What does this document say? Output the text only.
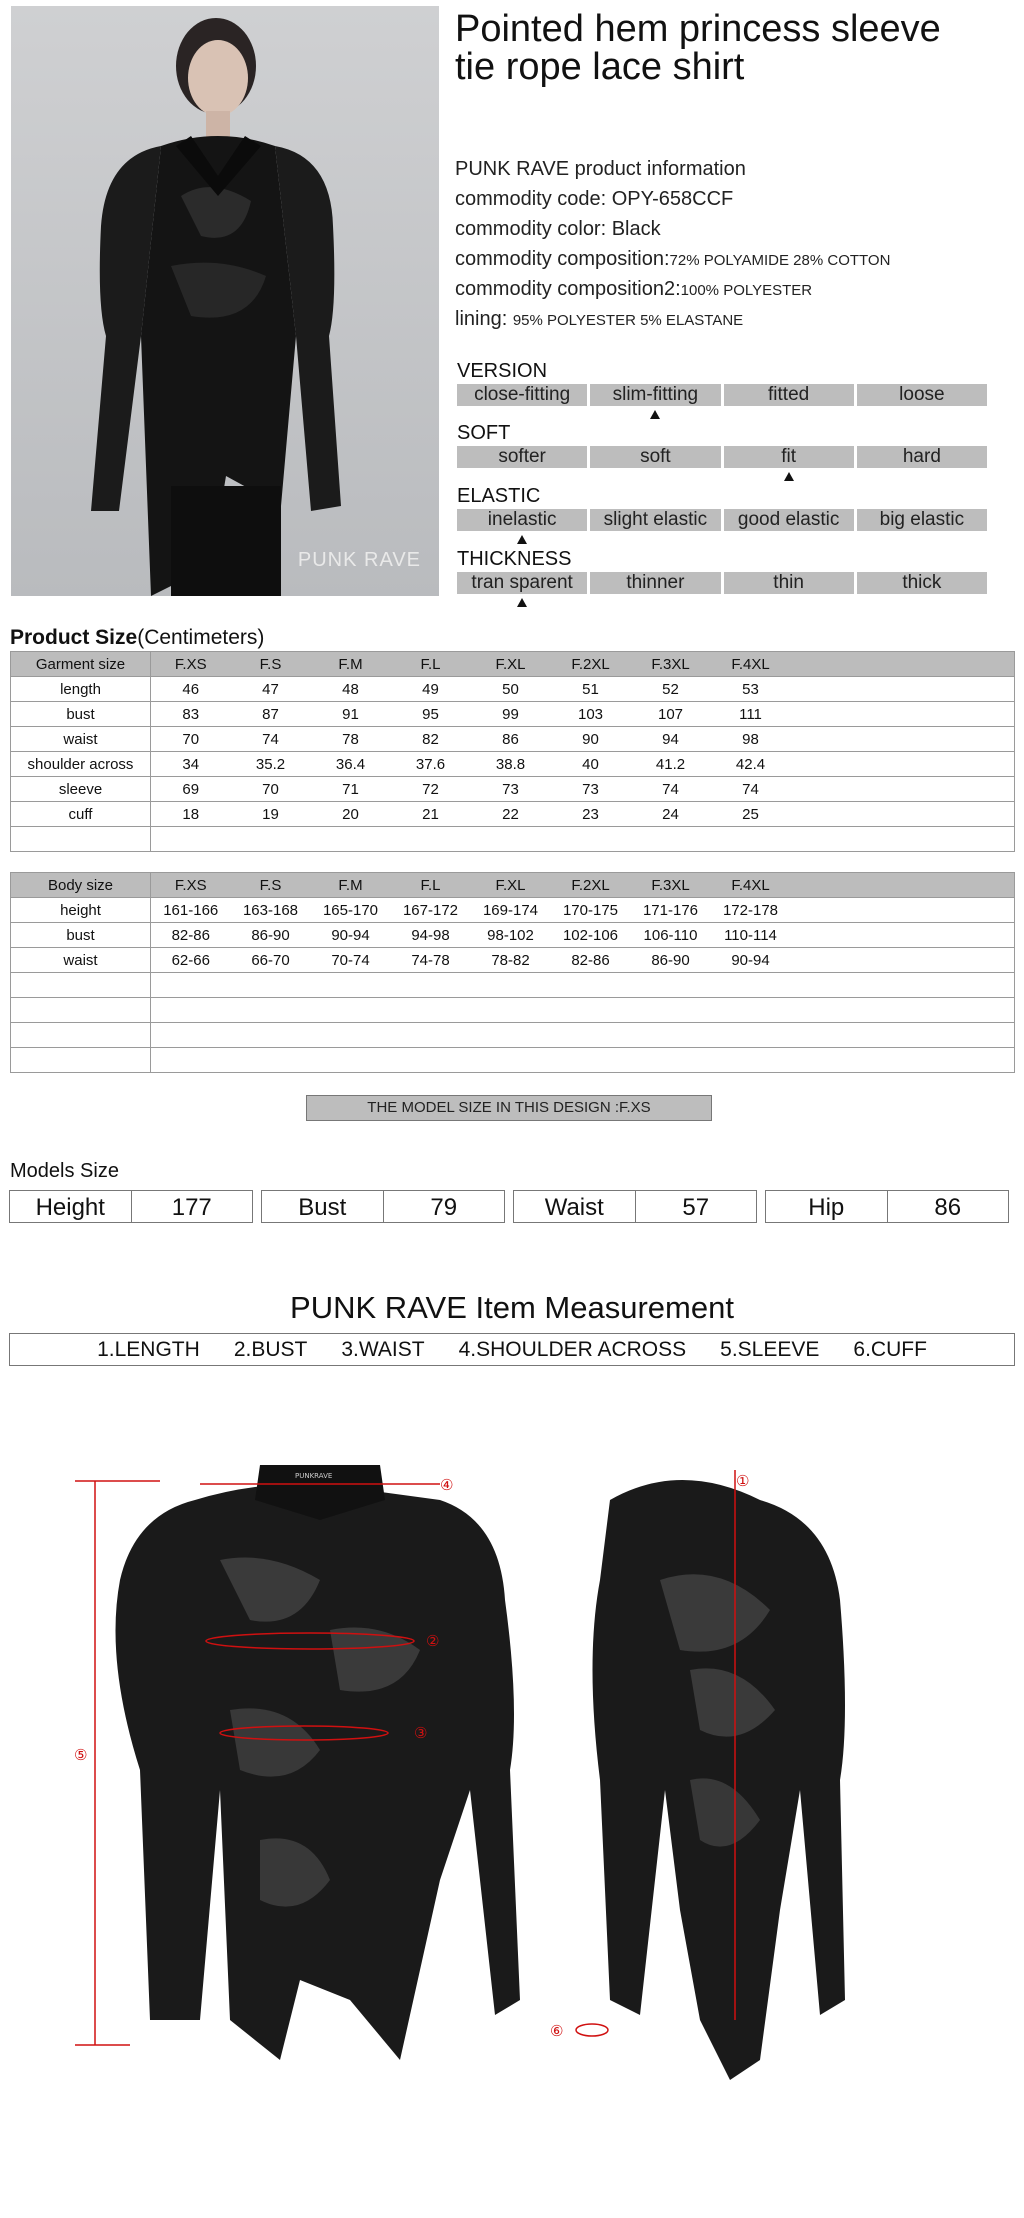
PUNK RAVE
Pointed hem princess sleeve
tie rope lace shirt
PUNK RAVE product information
commodity code: OPY-658CCF
commodity color: Black
commodity composition:72% POLYAMIDE 28% COTTON
commodity composition2:100% POLYESTER
lining: 95% POLYESTER 5% ELASTANE
VERSION
close-fitting	slim-fitting	fitted	loose
SOFT
softer	soft	fit	hard
ELASTIC
inelastic	slight elastic	good elastic	big elastic
THICKNESS
tran sparent	thinner	thin	thick
Product Size(Centimeters)
Garment size	F.XS	F.S	F.M	F.L	F.XL	F.2XL	F.3XL	F.4XL	
length	46	47	48	49	50	51	52	53	
bust	83	87	91	95	99	103	107	111	
waist	70	74	78	82	86	90	94	98	
shoulder across	34	35.2	36.4	37.6	38.8	40	41.2	42.4	
sleeve	69	70	71	72	73	73	74	74	
cuff	18	19	20	21	22	23	24	25	

Body size	F.XS	F.S	F.M	F.L	F.XL	F.2XL	F.3XL	F.4XL	
height	161-166	163-168	165-170	167-172	169-174	170-175	171-176	172-178	
bust	82-86	86-90	90-94	94-98	98-102	102-106	106-110	110-114	
waist	62-66	66-70	70-74	74-78	78-82	82-86	86-90	90-94	

THE MODEL SIZE IN THIS DESIGN :F.XS
Models Size
Height	177	Bust	79	Waist	57	Hip	86
PUNK RAVE Item Measurement
1.LENGTH 2.BUST 3.WAIST 4.SHOULDER ACROSS 5.SLEEVE 6.CUFF
PUNKRAVE	①
②
③
④
⑤
⑥
